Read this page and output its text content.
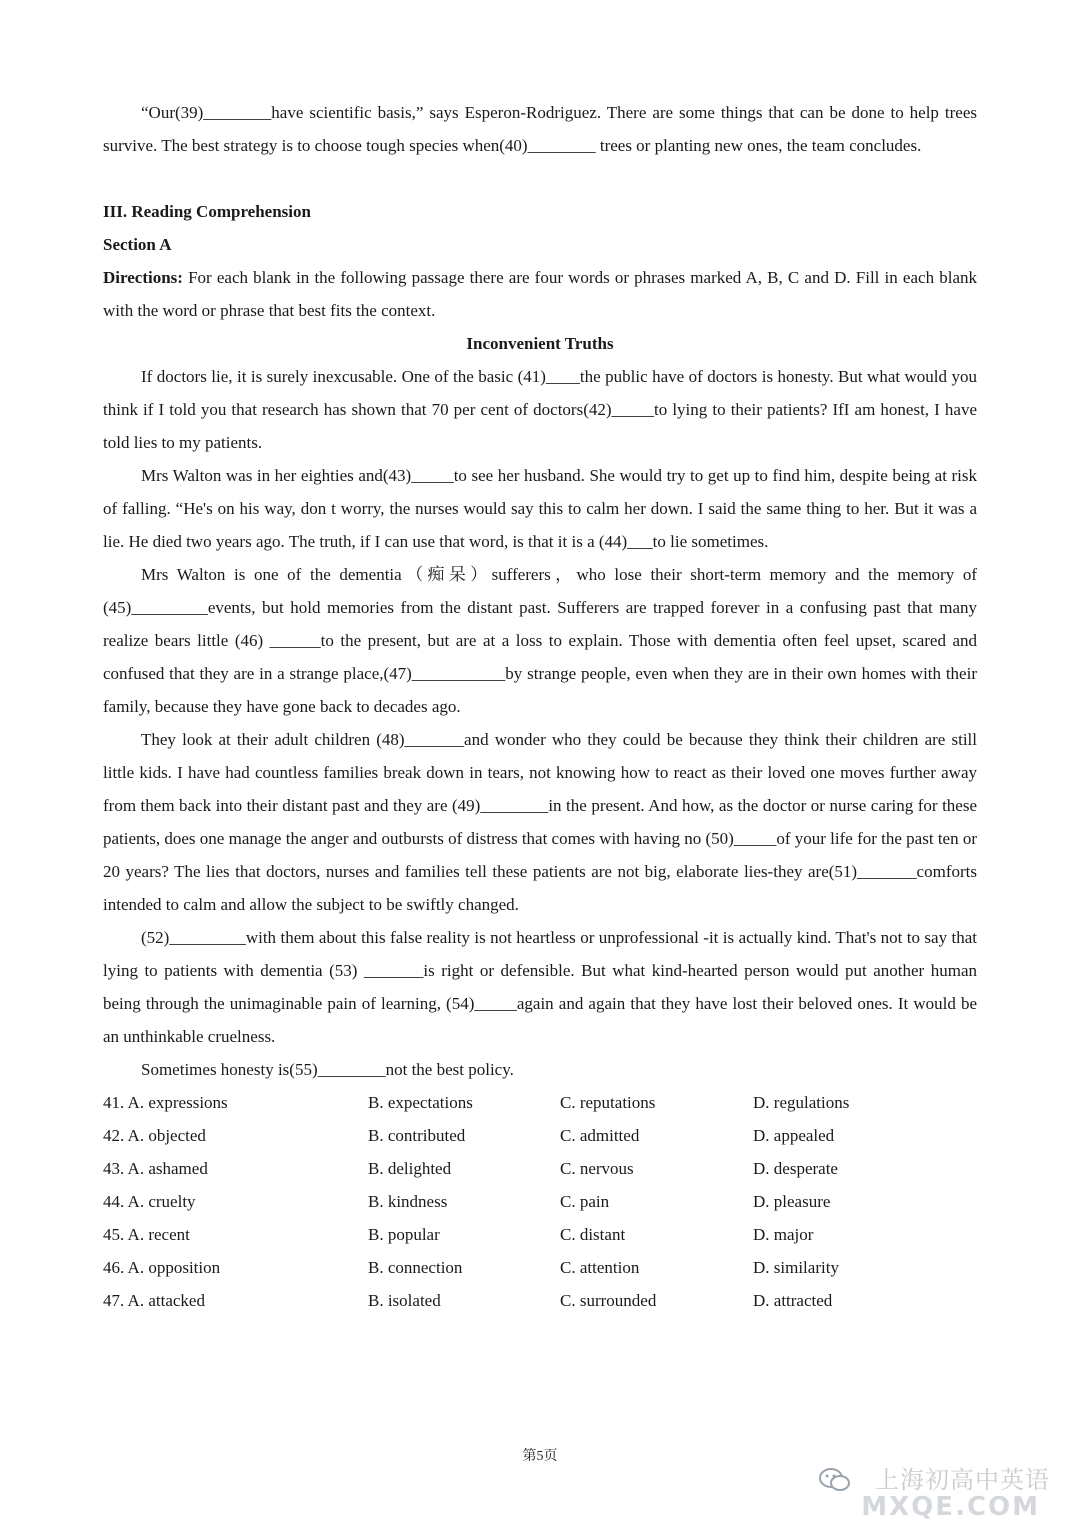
“Our(39)________have scientific basis,” says Esperon-Rodriguez. There are some things that can be done to help trees survive. The best strategy is to choose tough species when(40)________ trees or planting new ones, the team concludes.

III. Reading Comprehension

Section A

Directions: For each blank in the following passage there are four words or phrases marked A, B, C and D. Fill in each blank with the word or phrase that best fits the context.

Inconvenient Truths

If doctors lie, it is surely inexcusable. One of the basic (41)____the public have of doctors is honesty. But what would you think if I told you that research has shown that 70 per cent of doctors(42)_____to lying to their patients? IfI am honest, I have told lies to my patients.

Mrs Walton was in her eighties and(43)_____to see her husband. She would try to get up to find him, despite being at risk of falling. “He's on his way, don t worry, the nurses would say this to calm her down. I said the same thing to her. But it was a lie. He died two years ago. The truth, if I can use that word, is that it is a (44)___to lie sometimes.

Mrs Walton is one of the dementia（痴呆）sufferers，who lose their short-term memory and the memory of (45)_________events, but hold memories from the distant past. Sufferers are trapped forever in a confusing past that many realize bears little (46) ______to the present, but are at a loss to explain. Those with dementia often feel upset, scared and confused that they are in a strange place,(47)___________by strange people, even when they are in their own homes with their family, because they have gone back to decades ago.

They look at their adult children (48)_______and wonder who they could be because they think their children are still little kids. I have had countless families break down in tears, not knowing how to react as their loved one moves further away from them back into their distant past and they are (49)________in the present. And how, as the doctor or nurse caring for these patients, does one manage the anger and outbursts of distress that comes with having no (50)_____of your life for the past ten or 20 years? The lies that doctors, nurses and families tell these patients are not big, elaborate lies-they are(51)_______comforts intended to calm and allow the subject to be swiftly changed.

(52)_________with them about this false reality is not heartless or unprofessional -it is actually kind. That's not to say that lying to patients with dementia (53) _______is right or defensible. But what kind-hearted person would put another human being through the unimaginable pain of learning, (54)_____again and again that they have lost their beloved ones. It would be an unthinkable cruelness.

Sometimes honesty is(55)________not the best policy.

41. A. expressions	B. expectations	C. reputations	D. regulations
42. A. objected	B. contributed	C. admitted	D. appealed
43. A. ashamed	B. delighted	C. nervous	D. desperate
44. A. cruelty	B. kindness	C. pain	D. pleasure
45. A. recent	B. popular	C. distant	D. major
46. A. opposition	B. connection	C. attention	D. similarity
47. A. attacked	B. isolated	C. surrounded	D. attracted
第5页
上海初高中英语
MXQE.COM
